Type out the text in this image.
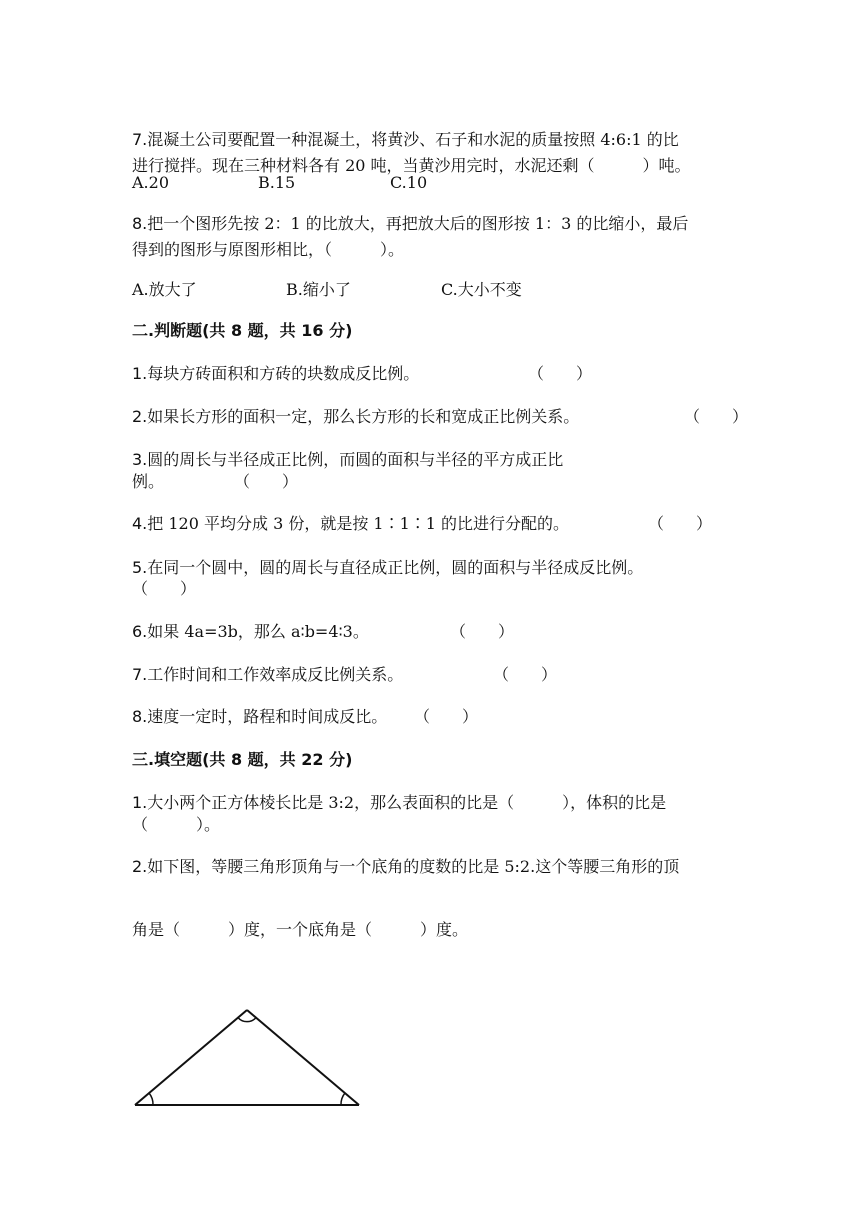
7.混凝土公司要配置一种混凝土，将黄沙、石子和水泥的质量按照 4:6:1 的比
进行搅拌。现在三种材料各有 20 吨，当黄沙用完时，水泥还剩（　　　）吨。
A.20	B.15	C.10
8.把一个图形先按 2：1 的比放大，再把放大后的图形按 1：3 的比缩小，最后
得到的图形与原图形相比，（　　　）。
A.放大了	B.缩小了	C.大小不变
二.判断题(共 8 题，共 16 分)
1.每块方砖面积和方砖的块数成反比例。	（　　）
2.如果长方形的面积一定，那么长方形的长和宽成正比例关系。	（　　）
3.圆的周长与半径成正比例，而圆的面积与半径的平方成正比
例。	（　　）
4.把 120 平均分成 3 份，就是按 1∶1∶1 的比进行分配的。	（　　）
5.在同一个圆中，圆的周长与直径成正比例，圆的面积与半径成反比例。
（　　）
6.如果 4a=3b，那么 a∶b=4∶3。	（　　）
7.工作时间和工作效率成反比例关系。	（　　）
8.速度一定时，路程和时间成反比。 （　　）
三.填空题(共 8 题，共 22 分)
1.大小两个正方体棱长比是 3:2，那么表面积的比是（　　　），体积的比是
（　　　）。
2.如下图，等腰三角形顶角与一个底角的度数的比是 5:2.这个等腰三角形的顶
角是（　　　）度，一个底角是（　　　）度。
